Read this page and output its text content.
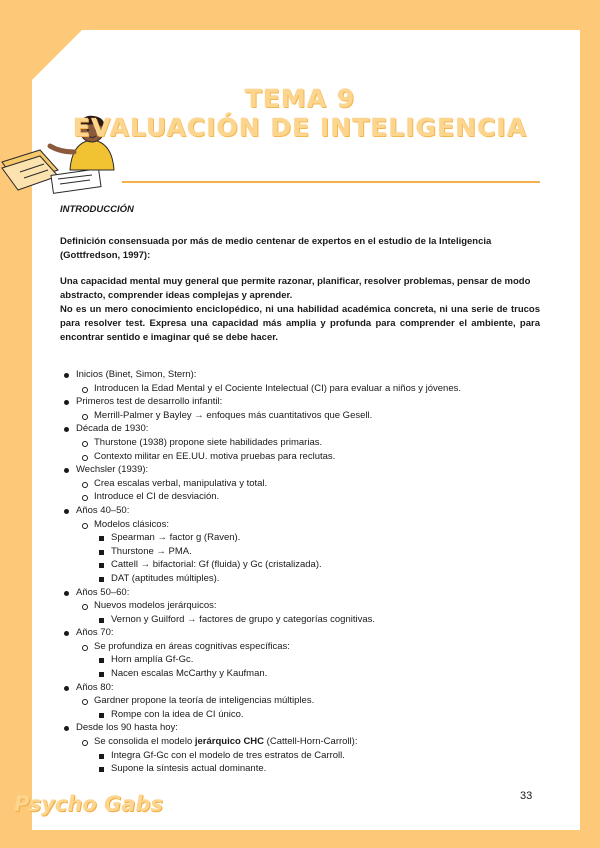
TEMA 9
EVALUACIÓN DE INTELIGENCIA
INTRODUCCIÓN

Definición consensuada por más de medio centenar de expertos en el estudio de la Inteligencia (Gottfredson, 1997):

Una capacidad mental muy general que permite razonar, planificar, resolver problemas, pensar de modo abstracto, comprender ideas complejas y aprender.

No es un mero conocimiento enciclopédico, ni una habilidad académica concreta, ni una serie de trucos para resolver test. Expresa una capacidad más amplia y profunda para comprender el ambiente, para encontrar sentido e imaginar qué se debe hacer.

Inicios (Binet, Simon, Stern):
Introducen la Edad Mental y el Cociente Intelectual (CI) para evaluar a niños y jóvenes.
Primeros test de desarrollo infantil:
Merrill-Palmer y Bayley → enfoques más cuantitativos que Gesell.
Década de 1930:
Thurstone (1938) propone siete habilidades primarias.
Contexto militar en EE.UU. motiva pruebas para reclutas.
Wechsler (1939):
Crea escalas verbal, manipulativa y total.
Introduce el CI de desviación.
Años 40–50:
Modelos clásicos:
Spearman → factor g (Raven).
Thurstone → PMA.
Cattell → bifactorial: Gf (fluida) y Gc (cristalizada).
DAT (aptitudes múltiples).
Años 50–60:
Nuevos modelos jerárquicos:
Vernon y Guilford → factores de grupo y categorías cognitivas.
Años 70:
Se profundiza en áreas cognitivas específicas:
Horn amplía Gf-Gc.
Nacen escalas McCarthy y Kaufman.
Años 80:
Gardner propone la teoría de inteligencias múltiples.
Rompe con la idea de CI único.
Desde los 90 hasta hoy:
Se consolida el modelo jerárquico CHC (Cattell-Horn-Carroll):
Integra Gf-Gc con el modelo de tres estratos de Carroll.
Supone la síntesis actual dominante.
33
Psycho Gabs
